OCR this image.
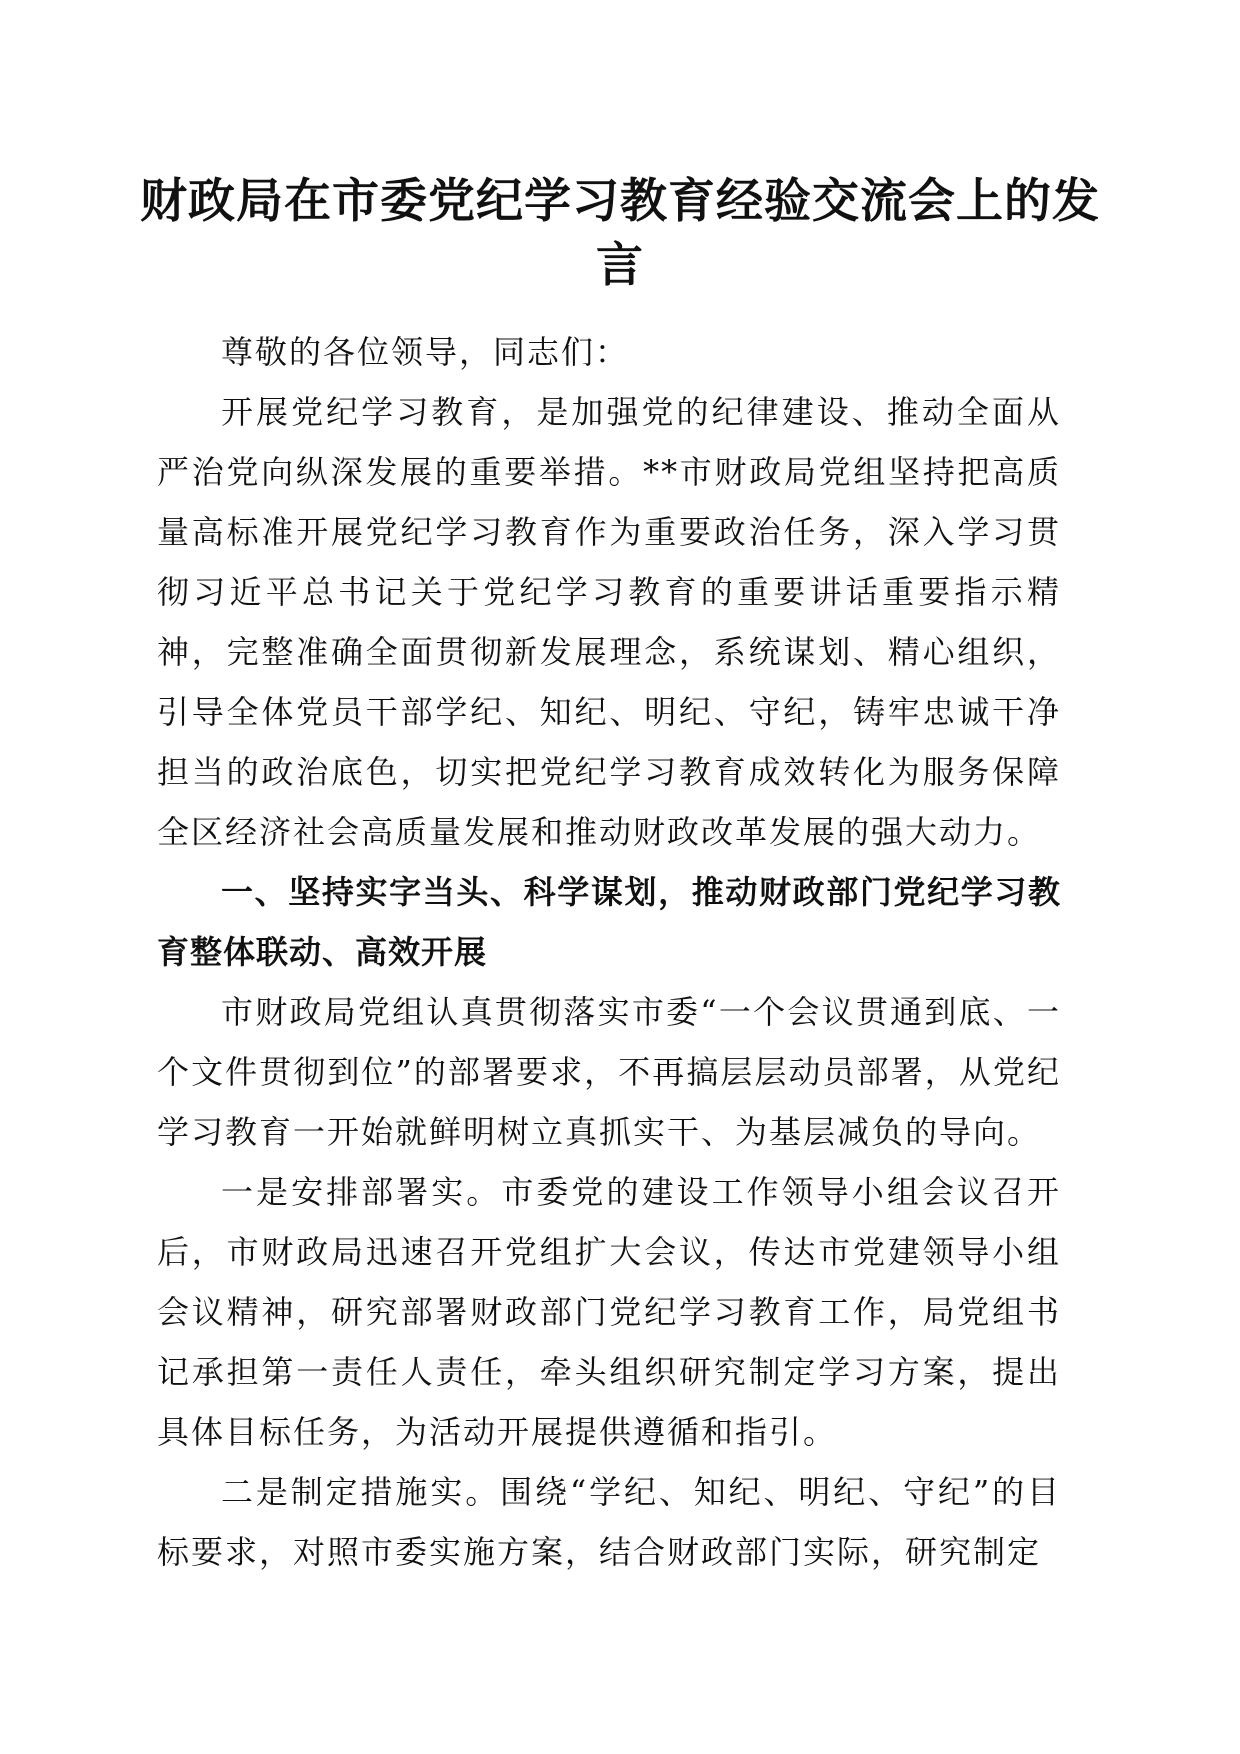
财政局在市委党纪学习教育经验交流会上的发言

尊敬的各位领导，同志们：

开展党纪学习教育，是加强党的纪律建设、推动全面从严治党向纵深发展的重要举措。**市财政局党组坚持把高质量高标准开展党纪学习教育作为重要政治任务，深入学习贯彻习近平总书记关于党纪学习教育的重要讲话重要指示精神，完整准确全面贯彻新发展理念，系统谋划、精心组织，引导全体党员干部学纪、知纪、明纪、守纪，铸牢忠诚干净担当的政治底色，切实把党纪学习教育成效转化为服务保障全区经济社会高质量发展和推动财政改革发展的强大动力。

一、坚持实字当头、科学谋划，推动财政部门党纪学习教育整体联动、高效开展

市财政局党组认真贯彻落实市委“一个会议贯通到底、一个文件贯彻到位”的部署要求，不再搞层层动员部署，从党纪学习教育一开始就鲜明树立真抓实干、为基层减负的导向。

一是安排部署实。市委党的建设工作领导小组会议召开后，市财政局迅速召开党组扩大会议，传达市党建领导小组会议精神，研究部署财政部门党纪学习教育工作，局党组书记承担第一责任人责任，牵头组织研究制定学习方案，提出具体目标任务，为活动开展提供遵循和指引。

二是制定措施实。围绕“学纪、知纪、明纪、守纪”的目标要求，对照市委实施方案，结合财政部门实际，研究制定
